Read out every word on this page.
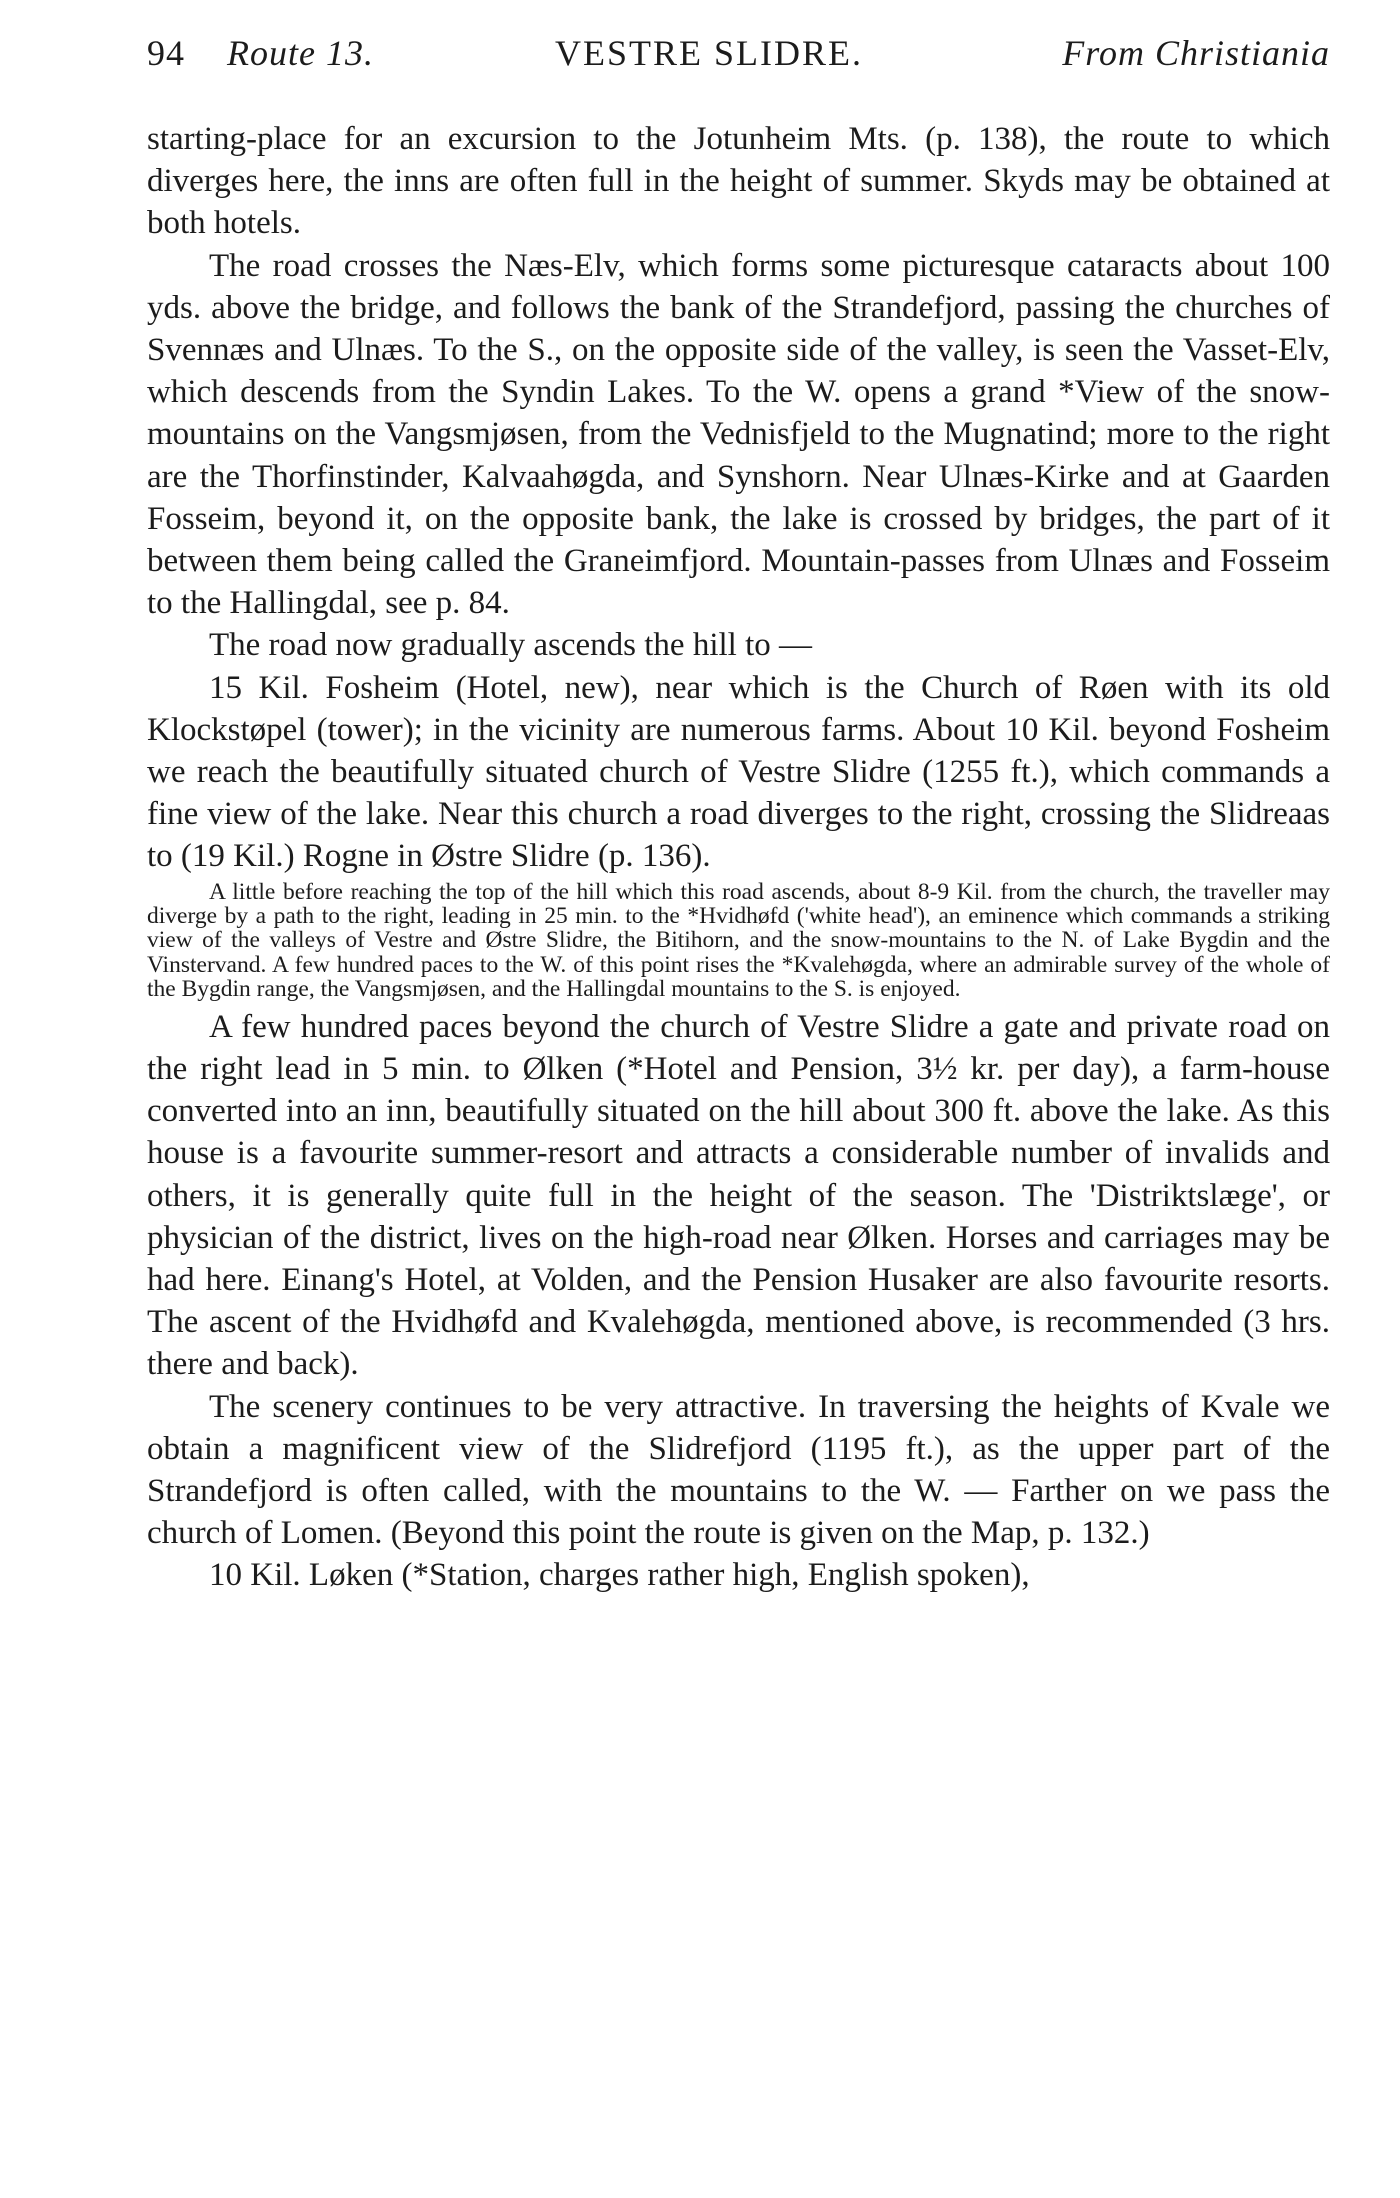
94 Route 13.	VESTRE SLIDRE.	From Christiania

starting-place for an excursion to the Jotunheim Mts. (p. 138), the route to which diverges here, the inns are often full in the height of summer. Skyds may be obtained at both hotels.

The road crosses the Næs-Elv, which forms some picturesque cataracts about 100 yds. above the bridge, and follows the bank of the Strandefjord, passing the churches of Svennæs and Ulnæs. To the S., on the opposite side of the valley, is seen the Vasset-Elv, which descends from the Syndin Lakes. To the W. opens a grand *View of the snow-mountains on the Vangsmjøsen, from the Vednisfjeld to the Mugnatind; more to the right are the Thorfinstinder, Kalvaahøgda, and Synshorn. Near Ulnæs-Kirke and at Gaarden Fosseim, beyond it, on the opposite bank, the lake is crossed by bridges, the part of it between them being called the Graneimfjord. Mountain-passes from Ulnæs and Fosseim to the Hallingdal, see p. 84.

The road now gradually ascends the hill to —

15 Kil. Fosheim (Hotel, new), near which is the Church of Røen with its old Klockstøpel (tower); in the vicinity are numerous farms. About 10 Kil. beyond Fosheim we reach the beautifully situated church of Vestre Slidre (1255 ft.), which commands a fine view of the lake. Near this church a road diverges to the right, crossing the Slidreaas to (19 Kil.) Rogne in Østre Slidre (p. 136).

A little before reaching the top of the hill which this road ascends, about 8-9 Kil. from the church, the traveller may diverge by a path to the right, leading in 25 min. to the *Hvidhøfd ('white head'), an eminence which commands a striking view of the valleys of Vestre and Østre Slidre, the Bitihorn, and the snow-mountains to the N. of Lake Bygdin and the Vinstervand. A few hundred paces to the W. of this point rises the *Kvalehøgda, where an admirable survey of the whole of the Bygdin range, the Vangsmjøsen, and the Hallingdal mountains to the S. is enjoyed.

A few hundred paces beyond the church of Vestre Slidre a gate and private road on the right lead in 5 min. to Ølken (*Hotel and Pension, 3½ kr. per day), a farm-house converted into an inn, beautifully situated on the hill about 300 ft. above the lake. As this house is a favourite summer-resort and attracts a considerable number of invalids and others, it is generally quite full in the height of the season. The 'Distriktslæge', or physician of the district, lives on the high-road near Ølken. Horses and carriages may be had here. Einang's Hotel, at Volden, and the Pension Husaker are also favourite resorts. The ascent of the Hvidhøfd and Kvalehøgda, mentioned above, is recommended (3 hrs. there and back).

The scenery continues to be very attractive. In traversing the heights of Kvale we obtain a magnificent view of the Slidrefjord (1195 ft.), as the upper part of the Strandefjord is often called, with the mountains to the W. — Farther on we pass the church of Lomen. (Beyond this point the route is given on the Map, p. 132.)

10 Kil. Løken (*Station, charges rather high, English spoken),
